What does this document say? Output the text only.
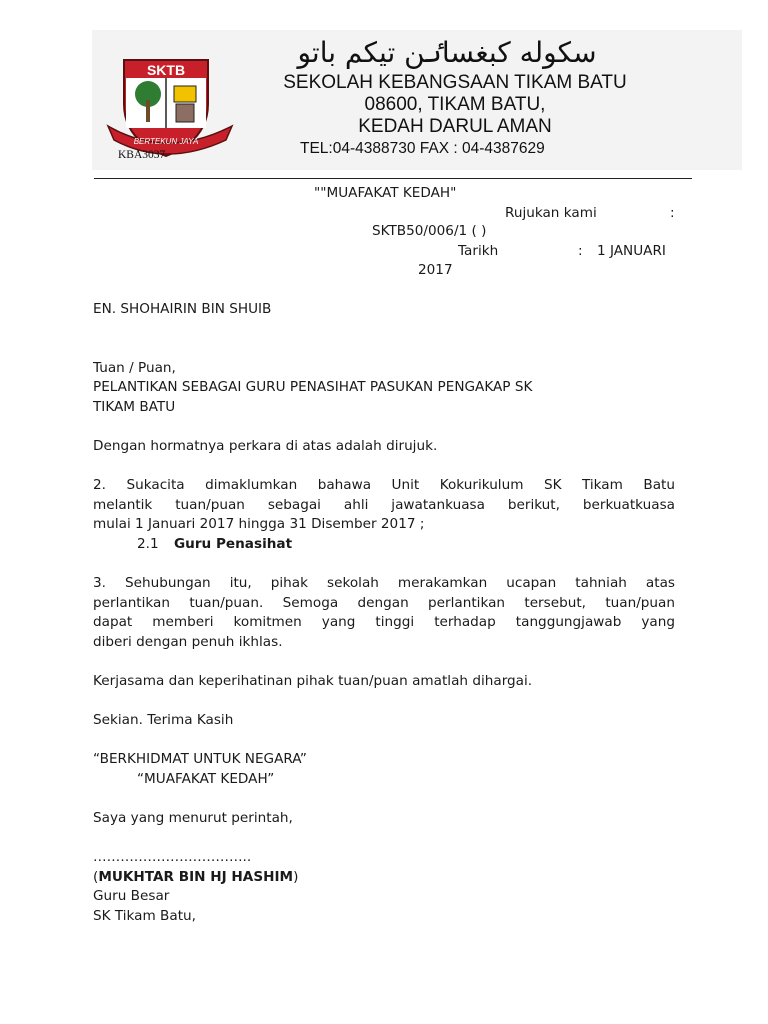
SKTB
BERTEKUN JAYA
سکوله کبغسا‌ٸن تيکم باتو
SEKOLAH KEBANGSAAN TIKAM BATU
08600, TIKAM BATU,
KEDAH DARUL AMAN
TEL:04-4388730 FAX : 04-4387629
KBA3037
""MUAFAKAT KEDAH"
Rujukan kami	:
SKTB50/006/1 ( )
Tarikh	: 1 JANUARI
2017
EN. SHOHAIRIN BIN SHUIB
Tuan / Puan,
PELANTIKAN SEBAGAI GURU PENASIHAT PASUKAN PENGAKAP SK
TIKAM BATU
Dengan hormatnya perkara di atas adalah dirujuk.
2. Sukacita dimaklumkan bahawa Unit Kokurikulum SK Tikam Batu
melantik tuan/puan sebagai ahli jawatankuasa berikut, berkuatkuasa
mulai 1 Januari 2017 hingga 31 Disember 2017 ;
2.1 Guru Penasihat
3. Sehubungan itu, pihak sekolah merakamkan ucapan tahniah atas
perlantikan tuan/puan. Semoga dengan perlantikan tersebut, tuan/puan
dapat memberi komitmen yang tinggi terhadap tanggungjawab yang
diberi dengan penuh ikhlas.
Kerjasama dan keperihatinan pihak tuan/puan amatlah dihargai.
Sekian. Terima Kasih
“BERKHIDMAT UNTUK NEGARA”
“MUAFAKAT KEDAH”
Saya yang menurut perintah,
……………………………..
(MUKHTAR BIN HJ HASHIM)
Guru Besar
SK Tikam Batu,
